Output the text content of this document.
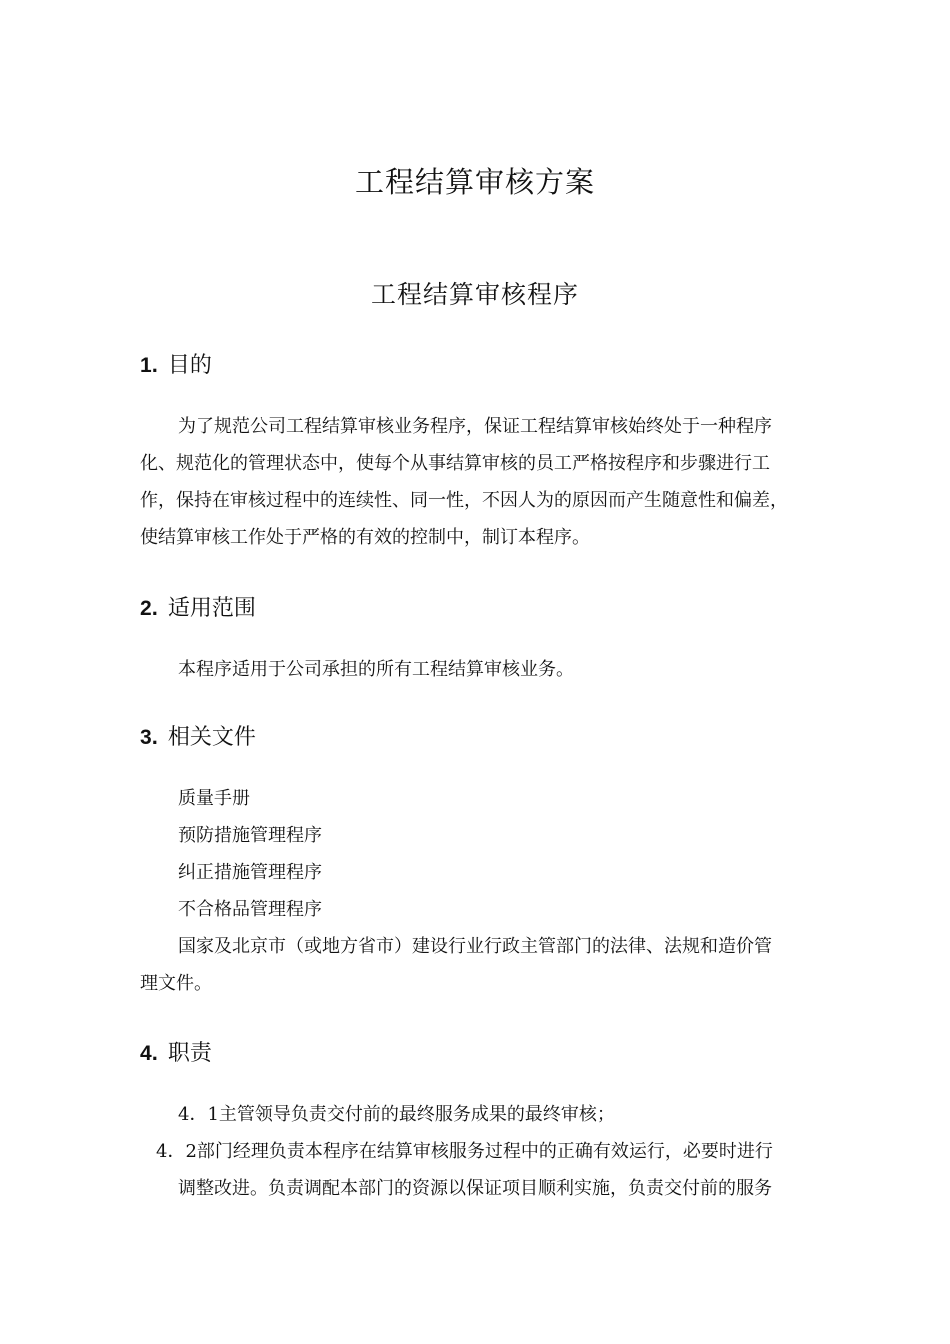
工程结算审核方案
工程结算审核程序
1. 目的
为了规范公司工程结算审核业务程序，保证工程结算审核始终处于一种程序
化、规范化的管理状态中，使每个从事结算审核的员工严格按程序和步骤进行工
作，保持在审核过程中的连续性、同一性，不因人为的原因而产生随意性和偏差，
使结算审核工作处于严格的有效的控制中，制订本程序。
2. 适用范围
本程序适用于公司承担的所有工程结算审核业务。
3. 相关文件
质量手册
预防措施管理程序
纠正措施管理程序
不合格品管理程序
国家及北京市（或地方省市）建设行业行政主管部门的法律、法规和造价管
理文件。
4. 职责
4．1主管领导负责交付前的最终服务成果的最终审核；
4．2部门经理负责本程序在结算审核服务过程中的正确有效运行，必要时进行
调整改进。负责调配本部门的资源以保证项目顺利实施，负责交付前的服务
